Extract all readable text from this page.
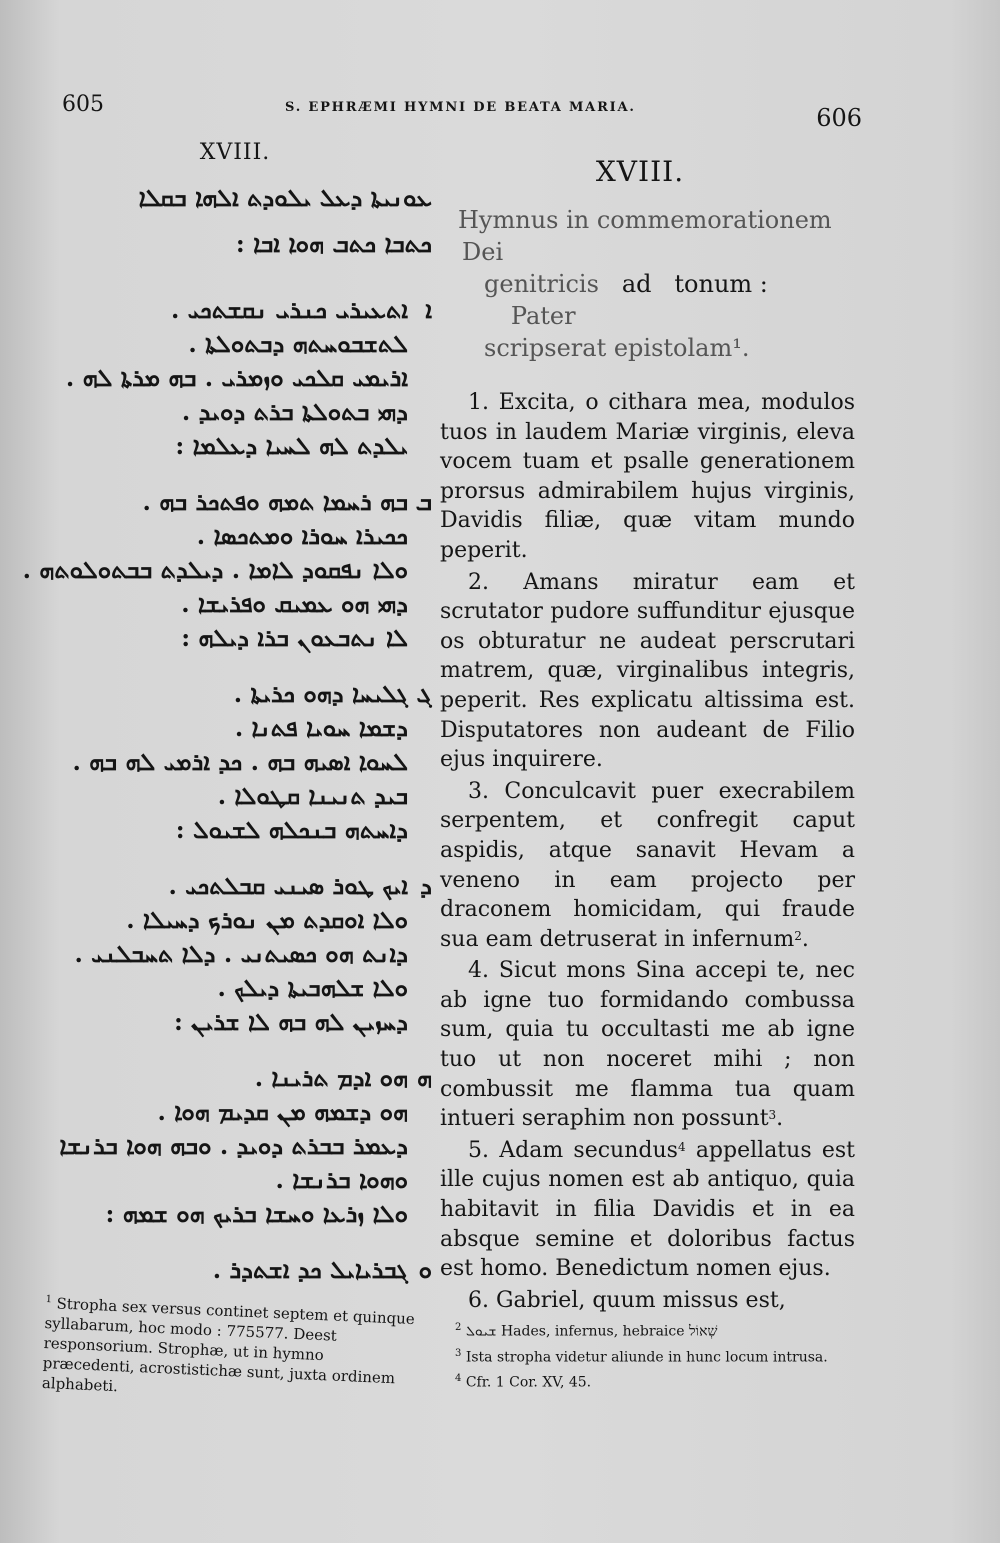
605	S. EPHRÆMI HYMNI DE BEATA MARIA.	606
XVIII.
ܥܘܢܝܬܐ ܕܥܠ ܝܠܘܕܬ ܐܠܗܐ ܒܩܠܐ
ܟܬܒܐ ܟܬܒ ܗܘܐ ܐܒܐ :
ܐ
ܐܬܥܝܪܝ ܟܢܪܝ ܢܩܫܬܟܝ .
ܠܬܫܒܘܚܬܗ ܕܒܬܘܠܬܐ .
ܐܪܝܡܝ ܩܠܟܝ ܘܙܡܪܝ . ܒܗ ܡܪܬܐ ܠܗ .
ܕܗܝ ܒܬܘܠܬܐ ܒܪܬ ܕܘܝܕ .
ܝܠܕܬ ܠܗ ܠܚܝܐ ܕܥܠܡܐ :
ܒ
ܒܗ ܪܚܡܐ ܬܡܗ ܘܦܬܟܪ ܒܗ .
ܟܟܝܪܐ ܚܘܪܐ ܘܡܬܟܣܐ .
ܘܠܐ ܢܦܩܘܕ ܠܐܡܐ . ܕܝܠܕܬ ܒܒܬܘܠܘܬܗ .
ܕܗܝ ܗܘ ܥܡܝܩ ܘܦܪܝܫܐ .
ܠܐ ܢܬܒܥܘܢ ܒܪܐ ܕܝܠܗ :
ܓ
ܓܠܝܚܐ ܕܗܘ ܟܪܝܬܐ .
ܕܫܡܐ ܚܘܝܐ ܦܬܢܐ .
ܠܚܘܐ ܐܣܝܗ ܒܗ . ܟܕ ܐܪܡܝ ܠܗ ܒܗ .
ܒܝܕ ܬܢܝܢܐ ܩܛܘܠܐ .
ܕܐܚܬܗ ܒܢܟܠܗ ܠܫܝܘܠ :
ܕ
ܐܝܟ ܛܘܪ ܣܝܢܝ ܩܒܠܬܟܝ .
ܘܠܐ ܐܘܩܕܬ ܡܢ ܢܘܪܟ ܕܚܝܠܐ .
ܕܐܢܬ ܗܘ ܟܣܝܬܢܝ . ܕܠܐ ܬܚܒܠܢܝ .
ܘܠܐ ܫܠܗܒܝܬܐ ܕܝܠܟ .
ܕܚܙܝܢ ܠܗ ܒܗ ܠܐ ܫܪܝܢ :
ܗ
ܗܘ ܐܕܡ ܬܪܝܢܐ .
ܗܘ ܕܫܡܗ ܡܢ ܩܕܝܡ ܗܘܐ .
ܕܥܡܪ ܒܒܪܬ ܕܘܝܕ . ܘܒܗ ܗܘܐ ܒܪܢܫܐ
ܘܗܘܐ ܒܪܢܫܐ .
ܘܠܐ ܙܪܥܐ ܘܚܫܐ ܒܪܝܟ ܗܘ ܫܡܗ :
ܘ
ܓܒܪܝܐܝܠ ܟܕ ܐܫܬܕܪ .
XVIII.
Hymnus in commemorationem Dei
genitricis ad tonum :    Pater
scripserat epistolam¹.

1. Excita, o cithara mea, modulos tuos in laudem Mariæ virginis, eleva vocem tuam et psalle generationem prorsus admirabilem hujus virginis, Davidis filiæ, quæ vitam mundo peperit.

2. Amans miratur eam et scrutator pudore suffunditur ejusque os obturatur ne audeat perscrutari matrem, quæ, virginalibus integris, peperit. Res explicatu altissima est. Disputatores non audeant de Filio ejus inquirere.

3. Conculcavit puer execrabilem serpentem, et confregit caput aspidis, atque sanavit Hevam a veneno in eam projecto per draconem homicidam, qui fraude sua eam detruserat in infernum$^2$.

4. Sicut mons Sina accepi te, nec ab igne tuo formidando combussa sum, quia tu occultasti me ab igne tuo ut non noceret mihi ; non combussit me flamma tua quam intueri seraphim non possunt$^3$.

5. Adam secundus$^4$ appellatus est ille cujus nomen est ab antiquo, quia habitavit in filia Davidis et in ea absque semine et doloribus factus est homo. Benedictum nomen ejus.

6. Gabriel, quum missus est,

$^1$ Stropha sex versus continet septem et quinque syllabarum, hoc modo : 775577. Deest responsorium. Strophæ, ut in hymno præcedenti, acrostistichæ sunt, juxta ordinem alphabeti.
$^2$ ܫܝܘܠ Hades, infernus, hebraice שְׁאוֹל
$^3$ Ista stropha videtur aliunde in hunc locum intrusa.
$^4$ Cfr. 1 Cor. XV, 45.
